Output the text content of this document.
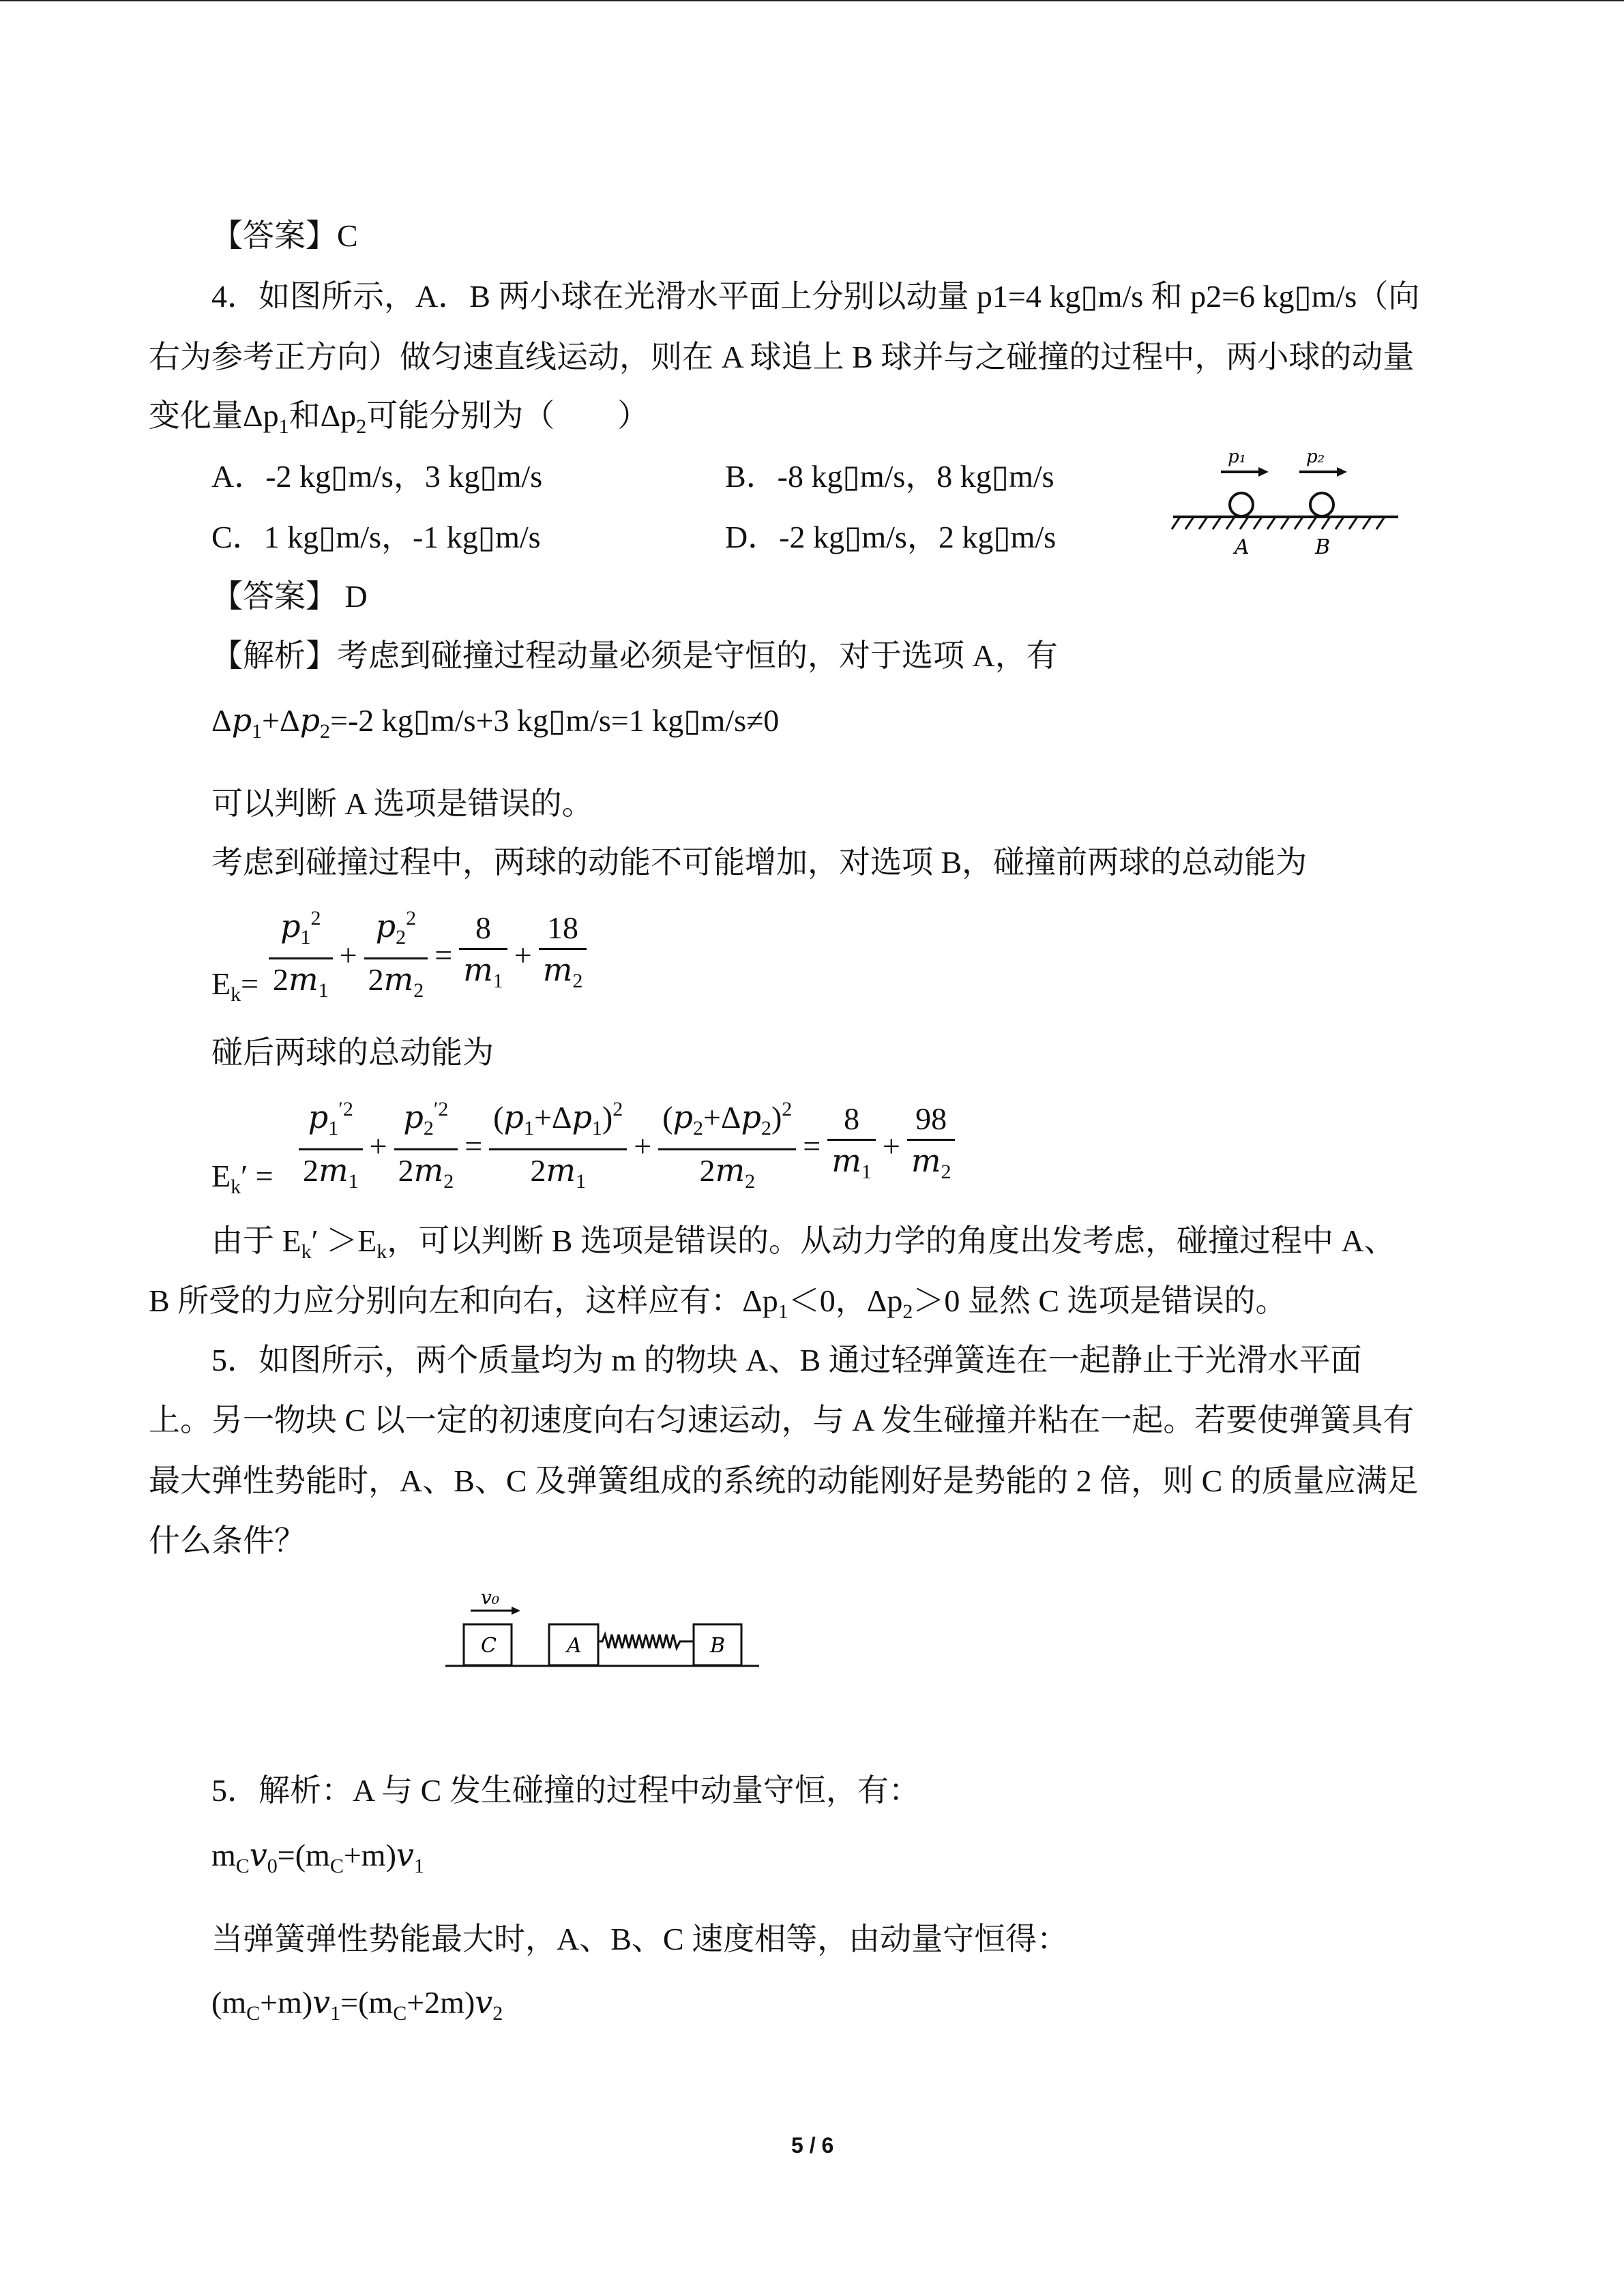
【答案】C
4．如图所示，A．B 两小球在光滑水平面上分别以动量 p1=4 kg▯m/s 和 p2=6 kg▯m/s（向
右为参考正方向）做匀速直线运动，则在 A 球追上 B 球并与之碰撞的过程中，两小球的动量
变化量$\Delta p_1$和$\Delta p_2$可能分别为（　　）
A．-2 kg▯m/s，3 kg▯m/s	B．-8 kg▯m/s，8 kg▯m/s
C．1 kg▯m/s，-1 kg▯m/s	D．-2 kg▯m/s，2 kg▯m/s
p₁	p₂
A	B
【答案】 D
【解析】考虑到碰撞过程动量必须是守恒的，对于选项 A，有
$\Delta p_1+\Delta p_2=-2$ kg▯m/s+3 kg▯m/s=1 kg▯m/s≠0
可以判断 A 选项是错误的。
考虑到碰撞过程中，两球的动能不可能增加，对选项 B，碰撞前两球的总动能为
$E_k= \frac{p_1^2}{2m_1} + \frac{p_2^2}{2m_2} = \frac{8}{m_1} + \frac{18}{m_2}$
碰后两球的总动能为
$E_k' = \frac{p_1^{'2}}{2m_1} + \frac{p_2^{'2}}{2m_2} = \frac{(p_1+\Delta p_1)^2}{2m_1} + \frac{(p_2+\Delta p_2)^2}{2m_2} = \frac{8}{m_1} + \frac{98}{m_2}$
由于 $E_k' >E_k$，可以判断 B 选项是错误的。从动力学的角度出发考虑，碰撞过程中 A、
B 所受的力应分别向左和向右，这样应有：$\Delta p_1<0$，$\Delta p_2>0$ 显然 C 选项是错误的。
5．如图所示，两个质量均为 m 的物块 A、B 通过轻弹簧连在一起静止于光滑水平面
上。另一物块 C 以一定的初速度向右匀速运动，与 A 发生碰撞并粘在一起。若要使弹簧具有
最大弹性势能时，A、B、C 及弹簧组成的系统的动能刚好是势能的 2 倍，则 C 的质量应满足
什么条件？
v₀
C	A	B
5．解析：A 与 C 发生碰撞的过程中动量守恒，有：
$m_Cv_0=(m_C+m)v_1$
当弹簧弹性势能最大时，A、B、C 速度相等，由动量守恒得：
$(m_C+m)v_1=(m_C+2m)v_2$
5 / 6
